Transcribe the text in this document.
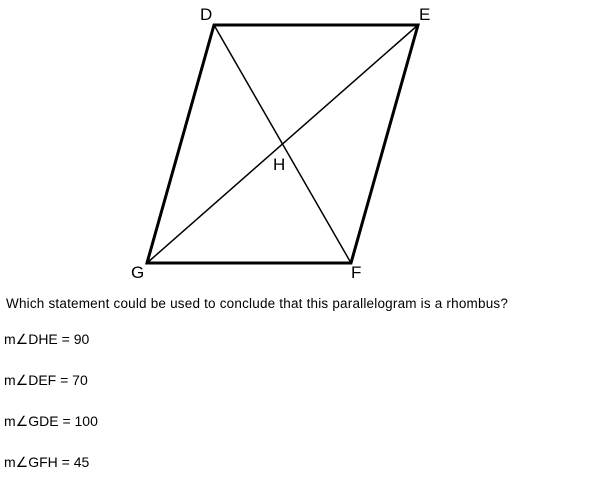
D	E
H
G	F
Which statement could be used to conclude that this parallelogram is a rhombus?
m∠DHE = 90
m∠DEF = 70
m∠GDE = 100
m∠GFH = 45
